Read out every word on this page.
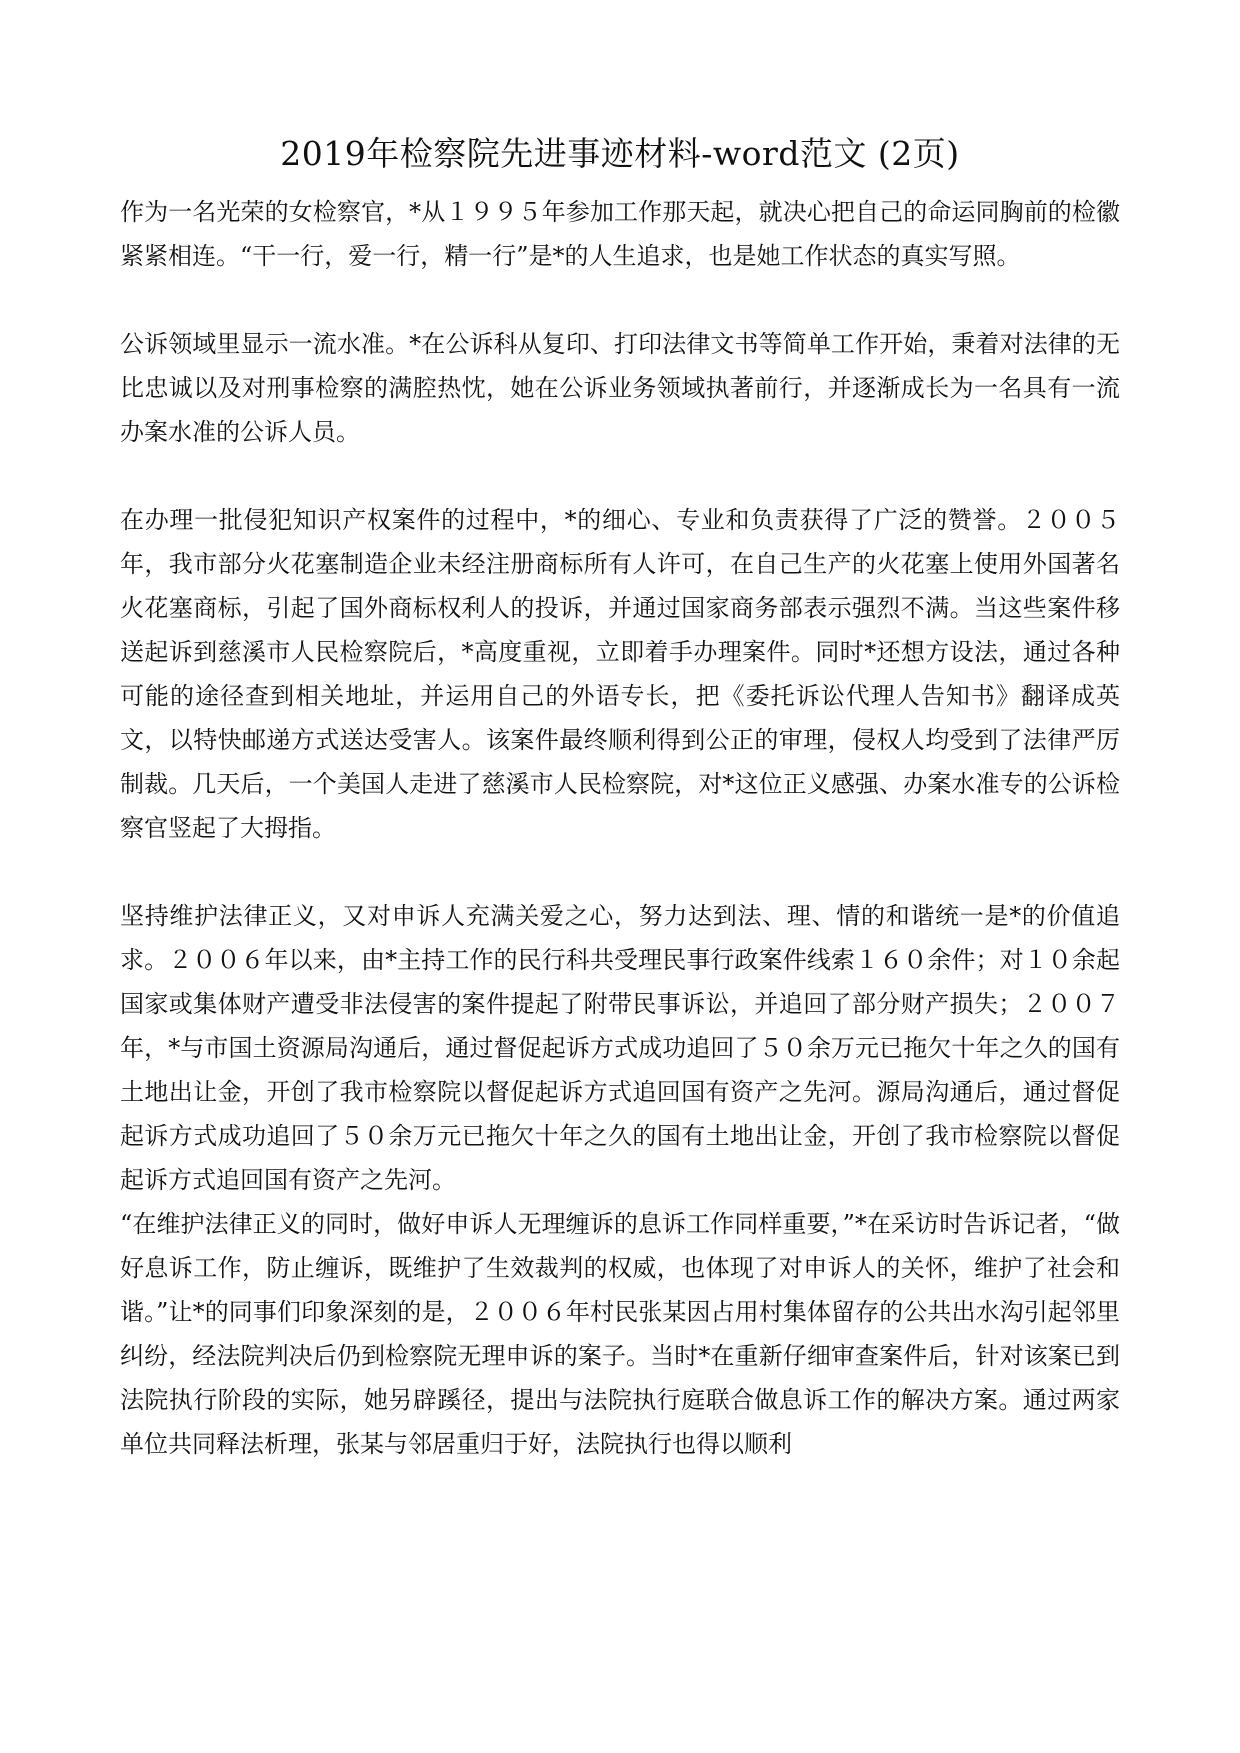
2019年检察院先进事迹材料-word范文 (2页)

作为一名光荣的女检察官，*从１９９５年参加工作那天起，就决心把自己的命运同胸前的检徽紧紧相连。“干一行，爱一行，精一行”是*的人生追求，也是她工作状态的真实写照。

公诉领域里显示一流水准。*在公诉科从复印、打印法律文书等简单工作开始，秉着对法律的无比忠诚以及对刑事检察的满腔热忱，她在公诉业务领域执著前行，并逐渐成长为一名具有一流办案水准的公诉人员。

在办理一批侵犯知识产权案件的过程中，*的细心、专业和负责获得了广泛的赞誉。２００５年，我市部分火花塞制造企业未经注册商标所有人许可，在自己生产的火花塞上使用外国著名火花塞商标，引起了国外商标权利人的投诉，并通过国家商务部表示强烈不满。当这些案件移送起诉到慈溪市人民检察院后，*高度重视，立即着手办理案件。同时*还想方设法，通过各种可能的途径查到相关地址，并运用自己的外语专长，把《委托诉讼代理人告知书》翻译成英文，以特快邮递方式送达受害人。该案件最终顺利得到公正的审理，侵权人均受到了法律严厉制裁。几天后，一个美国人走进了慈溪市人民检察院，对*这位正义感强、办案水准专的公诉检察官竖起了大拇指。

坚持维护法律正义，又对申诉人充满关爱之心，努力达到法、理、情的和谐统一是*的价值追求。２００６年以来，由*主持工作的民行科共受理民事行政案件线索１６０余件；对１０余起国家或集体财产遭受非法侵害的案件提起了附带民事诉讼，并追回了部分财产损失；２００７年，*与市国土资源局沟通后，通过督促起诉方式成功追回了５０余万元已拖欠十年之久的国有土地出让金，开创了我市检察院以督促起诉方式追回国有资产之先河。源局沟通后，通过督促起诉方式成功追回了５０余万元已拖欠十年之久的国有土地出让金，开创了我市检察院以督促起诉方式追回国有资产之先河。

“在维护法律正义的同时，做好申诉人无理缠诉的息诉工作同样重要，”*在采访时告诉记者，“做好息诉工作，防止缠诉，既维护了生效裁判的权威，也体现了对申诉人的关怀，维护了社会和谐。”让*的同事们印象深刻的是，２００６年村民张某因占用村集体留存的公共出水沟引起邻里纠纷，经法院判决后仍到检察院无理申诉的案子。当时*在重新仔细审查案件后，针对该案已到法院执行阶段的实际，她另辟蹊径，提出与法院执行庭联合做息诉工作的解决方案。通过两家单位共同释法析理，张某与邻居重归于好，法院执行也得以顺利
